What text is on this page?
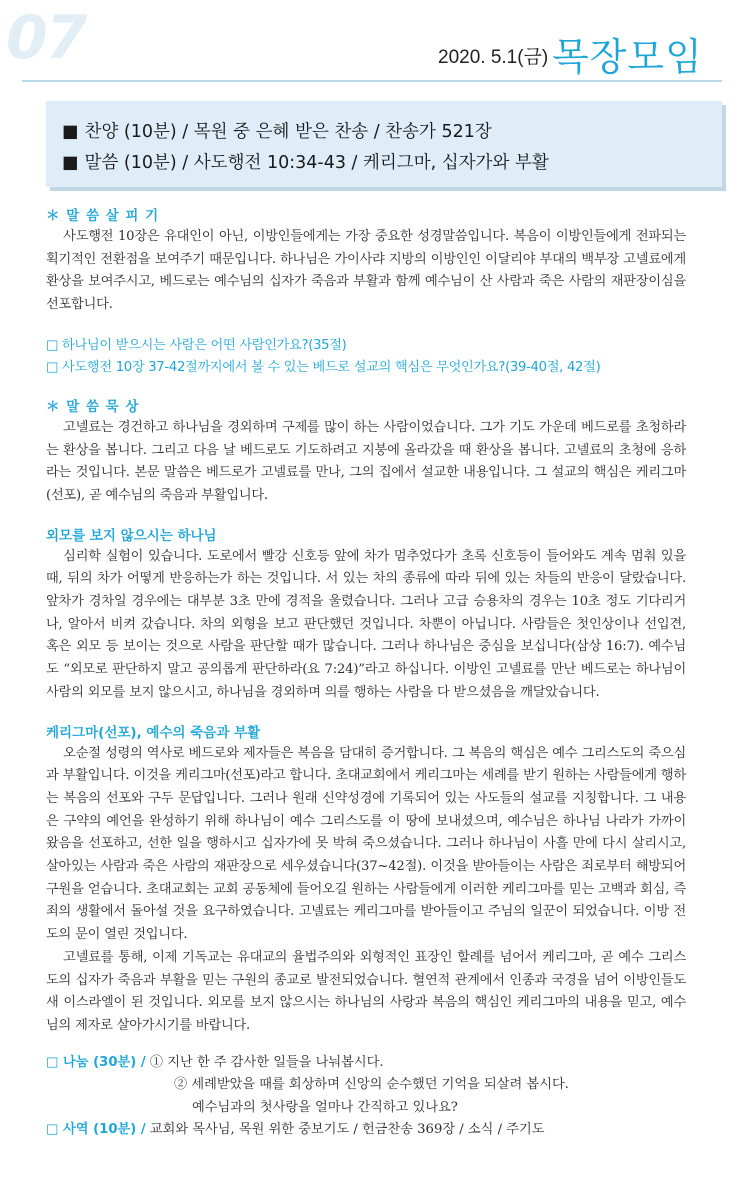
07	2020. 5.1(금) 목장모임
■ 찬양 (10분) / 목원 중 은혜 받은 찬송 / 찬송가 521장
■ 말씀 (10분) / 사도행전 10:34-43 / 케리그마, 십자가와 부활
＊ 말 씀 살 피 기

사도행전 10장은 유대인이 아닌, 이방인들에게는 가장 중요한 성경말씀입니다. 복음이 이방인들에게 전파되는 획기적인 전환점을 보여주기 때문입니다. 하나님은 가이사랴 지방의 이방인인 이달리야 부대의 백부장 고넬료에게 환상을 보여주시고, 베드로는 예수님의 십자가 죽음과 부활과 함께 예수님이 산 사람과 죽은 사람의 재판장이심을 선포합니다.

□ 하나님이 받으시는 사람은 어떤 사람인가요?(35절)
□ 사도행전 10장 37-42절까지에서 볼 수 있는 베드로 설교의 핵심은 무엇인가요?(39-40절, 42절)
＊ 말 씀 묵 상

고넬료는 경건하고 하나님을 경외하며 구제를 많이 하는 사람이었습니다. 그가 기도 가운데 베드로를 초청하라는 환상을 봅니다. 그리고 다음 날 베드로도 기도하려고 지붕에 올라갔을 때 환상을 봅니다. 고넬료의 초청에 응하라는 것입니다. 본문 말씀은 베드로가 고넬료를 만나, 그의 집에서 설교한 내용입니다. 그 설교의 핵심은 케리그마(선포), 곧 예수님의 죽음과 부활입니다.

외모를 보지 않으시는 하나님

심리학 실험이 있습니다. 도로에서 빨강 신호등 앞에 차가 멈추었다가 초록 신호등이 들어와도 계속 멈춰 있을 때, 뒤의 차가 어떻게 반응하는가 하는 것입니다. 서 있는 차의 종류에 따라 뒤에 있는 차들의 반응이 달랐습니다. 앞차가 경차일 경우에는 대부분 3초 만에 경적을 울렸습니다. 그러나 고급 승용차의 경우는 10초 정도 기다리거나, 알아서 비켜 갔습니다. 차의 외형을 보고 판단했던 것입니다. 차뿐이 아닙니다. 사람들은 첫인상이나 선입견, 혹은 외모 등 보이는 것으로 사람을 판단할 때가 많습니다. 그러나 하나님은 중심을 보십니다(삼상 16:7). 예수님도 “외모로 판단하지 말고 공의롭게 판단하라(요 7:24)”라고 하십니다. 이방인 고넬료를 만난 베드로는 하나님이 사람의 외모를 보지 않으시고, 하나님을 경외하며 의를 행하는 사람을 다 받으셨음을 깨달았습니다.

케리그마(선포), 예수의 죽음과 부활

오순절 성령의 역사로 베드로와 제자들은 복음을 담대히 증거합니다. 그 복음의 핵심은 예수 그리스도의 죽으심과 부활입니다. 이것을 케리그마(선포)라고 합니다. 초대교회에서 케리그마는 세례를 받기 원하는 사람들에게 행하는 복음의 선포와 구두 문답입니다. 그러나 원래 신약성경에 기록되어 있는 사도들의 설교를 지칭합니다. 그 내용은 구약의 예언을 완성하기 위해 하나님이 예수 그리스도를 이 땅에 보내셨으며, 예수님은 하나님 나라가 가까이 왔음을 선포하고, 선한 일을 행하시고 십자가에 못 박혀 죽으셨습니다. 그러나 하나님이 사흘 만에 다시 살리시고, 살아있는 사람과 죽은 사람의 재판장으로 세우셨습니다(37~42절). 이것을 받아들이는 사람은 죄로부터 해방되어 구원을 얻습니다. 초대교회는 교회 공동체에 들어오길 원하는 사람들에게 이러한 케리그마를 믿는 고백과 회심, 즉 죄의 생활에서 돌아설 것을 요구하였습니다. 고넬료는 케리그마를 받아들이고 주님의 일꾼이 되었습니다. 이방 전도의 문이 열린 것입니다.

고넬료를 통해, 이제 기독교는 유대교의 율법주의와 외형적인 표장인 할례를 넘어서 케리그마, 곧 예수 그리스도의 십자가 죽음과 부활을 믿는 구원의 종교로 발전되었습니다. 혈연적 관계에서 인종과 국경을 넘어 이방인들도 새 이스라엘이 된 것입니다. 외모를 보지 않으시는 하나님의 사랑과 복음의 핵심인 케리그마의 내용을 믿고, 예수님의 제자로 살아가시기를 바랍니다.

□ 나눔 (30분) / ① 지난 한 주 감사한 일들을 나눠봅시다.
② 세례받았을 때를 회상하며 신앙의 순수했던 기억을 되살려 봅시다.
예수님과의 첫사랑을 얼마나 간직하고 있나요?
□ 사역 (10분) / 교회와 목사님, 목원 위한 중보기도 / 헌금찬송 369장 / 소식 / 주기도
